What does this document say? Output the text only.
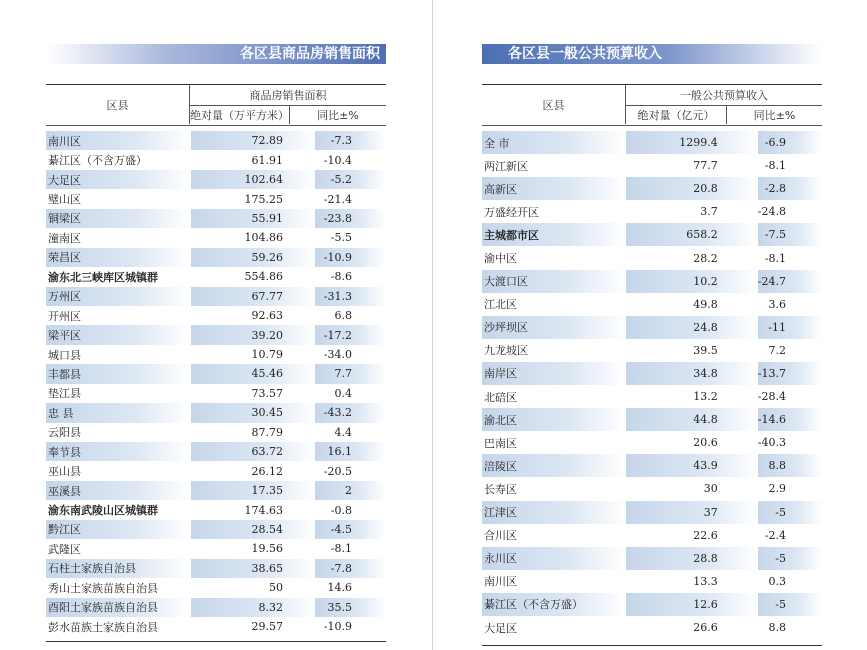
各区县商品房销售面积
区县	商品房销售面积	
	绝对量（万平方米）	同比±%
南川区	72.89	-7.3
綦江区（不含万盛）	61.91	-10.4
大足区	102.64	-5.2
璧山区	175.25	-21.4
铜梁区	55.91	-23.8
潼南区	104.86	-5.5
荣昌区	59.26	-10.9
渝东北三峡库区城镇群	554.86	-8.6
万州区	67.77	-31.3
开州区	92.63	6.8
梁平区	39.20	-17.2
城口县	10.79	-34.0
丰都县	45.46	7.7
垫江县	73.57	0.4
忠 县	30.45	-43.2
云阳县	87.79	4.4
奉节县	63.72	16.1
巫山县	26.12	-20.5
巫溪县	17.35	2
渝东南武陵山区城镇群	174.63	-0.8
黔江区	28.54	-4.5
武隆区	19.56	-8.1
石柱土家族自治县	38.65	-7.8
秀山土家族苗族自治县	50	14.6
酉阳土家族苗族自治县	8.32	35.5
彭水苗族土家族自治县	29.57	-10.9
各区县一般公共预算收入
区县	一般公共预算收入	
	绝对量（亿元）	同比±%
全 市	1299.4	-6.9
两江新区	77.7	-8.1
高新区	20.8	-2.8
万盛经开区	3.7	-24.8
主城都市区	658.2	-7.5
渝中区	28.2	-8.1
大渡口区	10.2	-24.7
江北区	49.8	3.6
沙坪坝区	24.8	-11
九龙坡区	39.5	7.2
南岸区	34.8	-13.7
北碚区	13.2	-28.4
渝北区	44.8	-14.6
巴南区	20.6	-40.3
涪陵区	43.9	8.8
长寿区	30	2.9
江津区	37	-5
合川区	22.6	-2.4
永川区	28.8	-5
南川区	13.3	0.3
綦江区（不含万盛）	12.6	-5
大足区	26.6	8.8
